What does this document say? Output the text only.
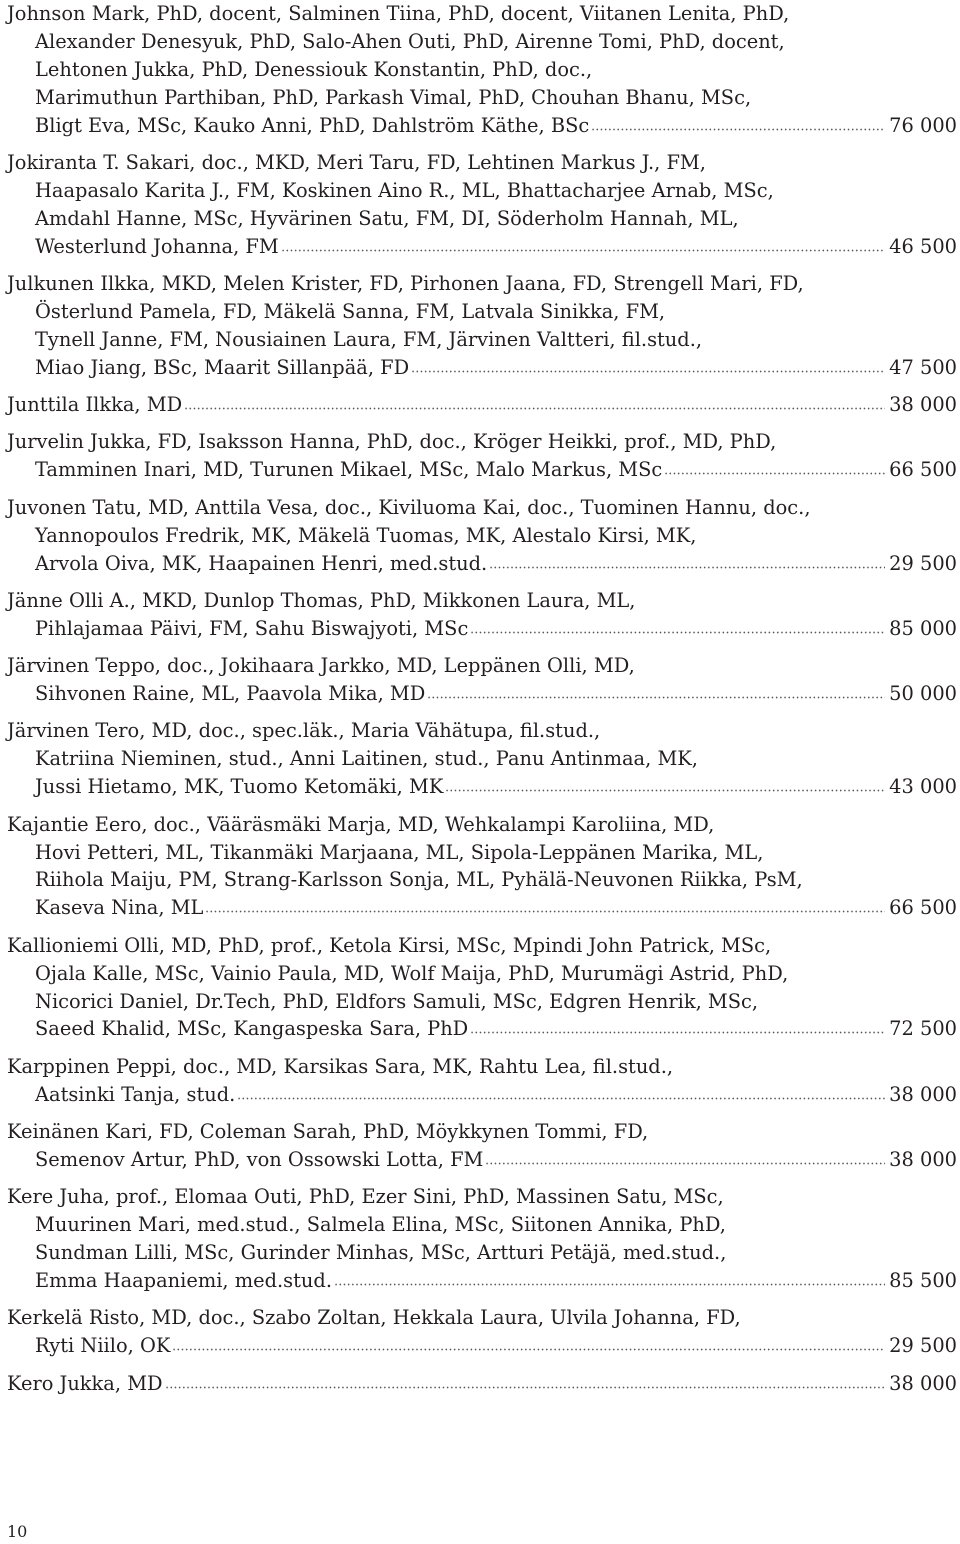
Johnson Mark, PhD, docent, Salminen Tiina, PhD, docent, Viitanen Lenita, PhD,
Alexander Denesyuk, PhD, Salo-Ahen Outi, PhD, Airenne Tomi, PhD, docent,
Lehtonen Jukka, PhD, Denessiouk Konstantin, PhD, doc.,
Marimuthun Parthiban, PhD, Parkash Vimal, PhD, Chouhan Bhanu, MSc,
Bligt Eva, MSc, Kauko Anni, PhD, Dahlström Käthe, BSc	76 000
Jokiranta T. Sakari, doc., MKD, Meri Taru, FD, Lehtinen Markus J., FM,
Haapasalo Karita J., FM, Koskinen Aino R., ML, Bhattacharjee Arnab, MSc,
Amdahl Hanne, MSc, Hyvärinen Satu, FM, DI, Söderholm Hannah, ML,
Westerlund Johanna, FM	46 500
Julkunen Ilkka, MKD, Melen Krister, FD, Pirhonen Jaana, FD, Strengell Mari, FD,
Österlund Pamela, FD, Mäkelä Sanna, FM, Latvala Sinikka, FM,
Tynell Janne, FM, Nousiainen Laura, FM, Järvinen Valtteri, fil.stud.,
Miao Jiang, BSc, Maarit Sillanpää, FD	47 500
Junttila Ilkka, MD	38 000
Jurvelin Jukka, FD, Isaksson Hanna, PhD, doc., Kröger Heikki, prof., MD, PhD,
Tamminen Inari, MD, Turunen Mikael, MSc, Malo Markus, MSc	66 500
Juvonen Tatu, MD, Anttila Vesa, doc., Kiviluoma Kai, doc., Tuominen Hannu, doc.,
Yannopoulos Fredrik, MK, Mäkelä Tuomas, MK, Alestalo Kirsi, MK,
Arvola Oiva, MK, Haapainen Henri, med.stud.	29 500
Jänne Olli A., MKD, Dunlop Thomas, PhD, Mikkonen Laura, ML,
Pihlajamaa Päivi, FM, Sahu Biswajyoti, MSc	85 000
Järvinen Teppo, doc., Jokihaara Jarkko, MD, Leppänen Olli, MD,
Sihvonen Raine, ML, Paavola Mika, MD	50 000
Järvinen Tero, MD, doc., spec.läk., Maria Vähätupa, fil.stud.,
Katriina Nieminen, stud., Anni Laitinen, stud., Panu Antinmaa, MK,
Jussi Hietamo, MK, Tuomo Ketomäki, MK	43 000
Kajantie Eero, doc., Vääräsmäki Marja, MD, Wehkalampi Karoliina, MD,
Hovi Petteri, ML, Tikanmäki Marjaana, ML, Sipola-Leppänen Marika, ML,
Riihola Maiju, PM, Strang-Karlsson Sonja, ML, Pyhälä-Neuvonen Riikka, PsM,
Kaseva Nina, ML	66 500
Kallioniemi Olli, MD, PhD, prof., Ketola Kirsi, MSc, Mpindi John Patrick, MSc,
Ojala Kalle, MSc, Vainio Paula, MD, Wolf Maija, PhD, Murumägi Astrid, PhD,
Nicorici Daniel, Dr.Tech, PhD, Eldfors Samuli, MSc, Edgren Henrik, MSc,
Saeed Khalid, MSc, Kangaspeska Sara, PhD	72 500
Karppinen Peppi, doc., MD, Karsikas Sara, MK, Rahtu Lea, fil.stud.,
Aatsinki Tanja, stud.	38 000
Keinänen Kari, FD, Coleman Sarah, PhD, Möykkynen Tommi, FD,
Semenov Artur, PhD, von Ossowski Lotta, FM	38 000
Kere Juha, prof., Elomaa Outi, PhD, Ezer Sini, PhD, Massinen Satu, MSc,
Muurinen Mari, med.stud., Salmela Elina, MSc, Siitonen Annika, PhD,
Sundman Lilli, MSc, Gurinder Minhas, MSc, Artturi Petäjä, med.stud.,
Emma Haapaniemi, med.stud.	85 500
Kerkelä Risto, MD, doc., Szabo Zoltan, Hekkala Laura, Ulvila Johanna, FD,
Ryti Niilo, OK	29 500
Kero Jukka, MD	38 000
10
